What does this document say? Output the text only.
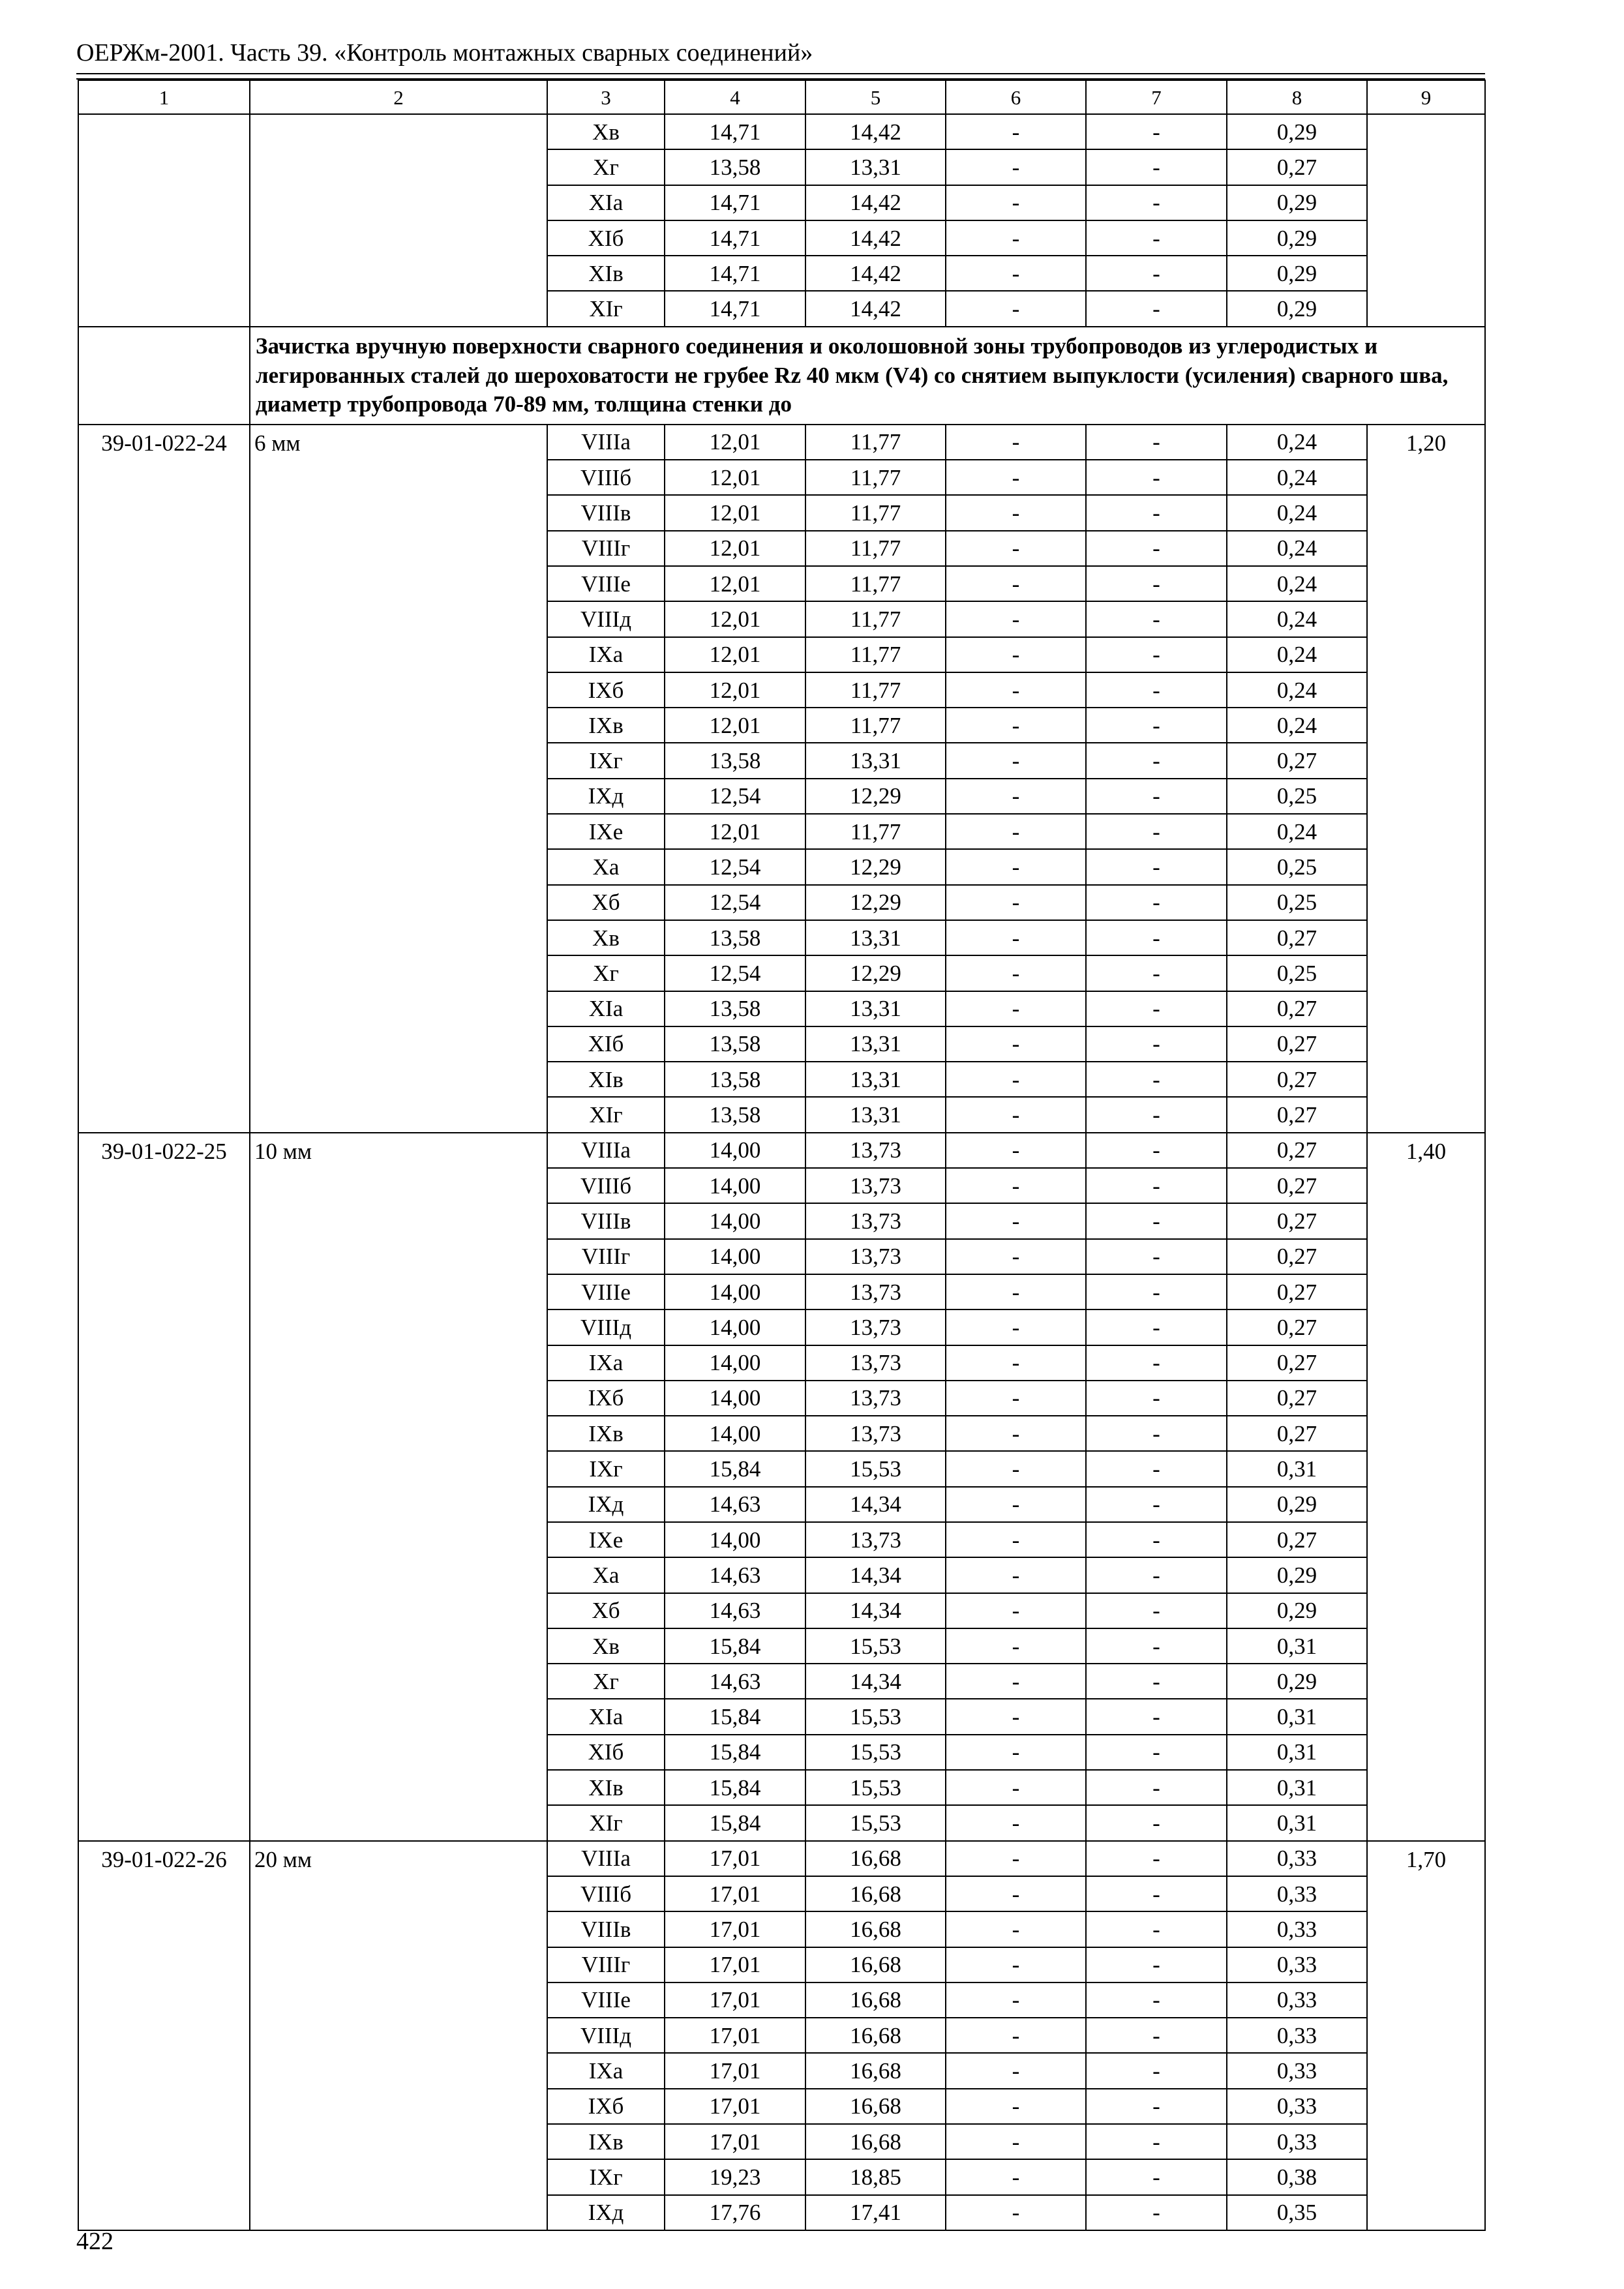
ОЕРЖм-2001. Часть 39. «Контроль монтажных сварных соединений»
1	2	3	4	5	6	7	8	9
		Xв	14,71	14,42	-	-	0,29	
		Xг	13,58	13,31	-	-	0,27	
		XIа	14,71	14,42	-	-	0,29	
		XIб	14,71	14,42	-	-	0,29	
		XIв	14,71	14,42	-	-	0,29	
		XIг	14,71	14,42	-	-	0,29	
	Зачистка вручную поверхности сварного соединения и околошовной зоны трубопроводов из углеродистых и легированных сталей до шероховатости не грубее Rz 40 мкм (V4) со снятием выпуклости (усиления) сварного шва, диаметр трубопровода 70-89 мм, толщина стенки до							
39-01-022-24	6 мм	VIIIа	12,01	11,77	-	-	0,24	1,20
		VIIIб	12,01	11,77	-	-	0,24	
		VIIIв	12,01	11,77	-	-	0,24	
		VIIIг	12,01	11,77	-	-	0,24	
		VIIIе	12,01	11,77	-	-	0,24	
		VIIIд	12,01	11,77	-	-	0,24	
		IXа	12,01	11,77	-	-	0,24	
		IXб	12,01	11,77	-	-	0,24	
		IXв	12,01	11,77	-	-	0,24	
		IXг	13,58	13,31	-	-	0,27	
		IXд	12,54	12,29	-	-	0,25	
		IXе	12,01	11,77	-	-	0,24	
		Xа	12,54	12,29	-	-	0,25	
		Xб	12,54	12,29	-	-	0,25	
		Xв	13,58	13,31	-	-	0,27	
		Xг	12,54	12,29	-	-	0,25	
		XIа	13,58	13,31	-	-	0,27	
		XIб	13,58	13,31	-	-	0,27	
		XIв	13,58	13,31	-	-	0,27	
		XIг	13,58	13,31	-	-	0,27	
39-01-022-25	10 мм	VIIIа	14,00	13,73	-	-	0,27	1,40
		VIIIб	14,00	13,73	-	-	0,27	
		VIIIв	14,00	13,73	-	-	0,27	
		VIIIг	14,00	13,73	-	-	0,27	
		VIIIе	14,00	13,73	-	-	0,27	
		VIIIд	14,00	13,73	-	-	0,27	
		IXа	14,00	13,73	-	-	0,27	
		IXб	14,00	13,73	-	-	0,27	
		IXв	14,00	13,73	-	-	0,27	
		IXг	15,84	15,53	-	-	0,31	
		IXд	14,63	14,34	-	-	0,29	
		IXе	14,00	13,73	-	-	0,27	
		Xа	14,63	14,34	-	-	0,29	
		Xб	14,63	14,34	-	-	0,29	
		Xв	15,84	15,53	-	-	0,31	
		Xг	14,63	14,34	-	-	0,29	
		XIа	15,84	15,53	-	-	0,31	
		XIб	15,84	15,53	-	-	0,31	
		XIв	15,84	15,53	-	-	0,31	
		XIг	15,84	15,53	-	-	0,31	
39-01-022-26	20 мм	VIIIа	17,01	16,68	-	-	0,33	1,70
		VIIIб	17,01	16,68	-	-	0,33	
		VIIIв	17,01	16,68	-	-	0,33	
		VIIIг	17,01	16,68	-	-	0,33	
		VIIIе	17,01	16,68	-	-	0,33	
		VIIIд	17,01	16,68	-	-	0,33	
		IXа	17,01	16,68	-	-	0,33	
		IXб	17,01	16,68	-	-	0,33	
		IXв	17,01	16,68	-	-	0,33	
		IXг	19,23	18,85	-	-	0,38	
		IXд	17,76	17,41	-	-	0,35	
422
